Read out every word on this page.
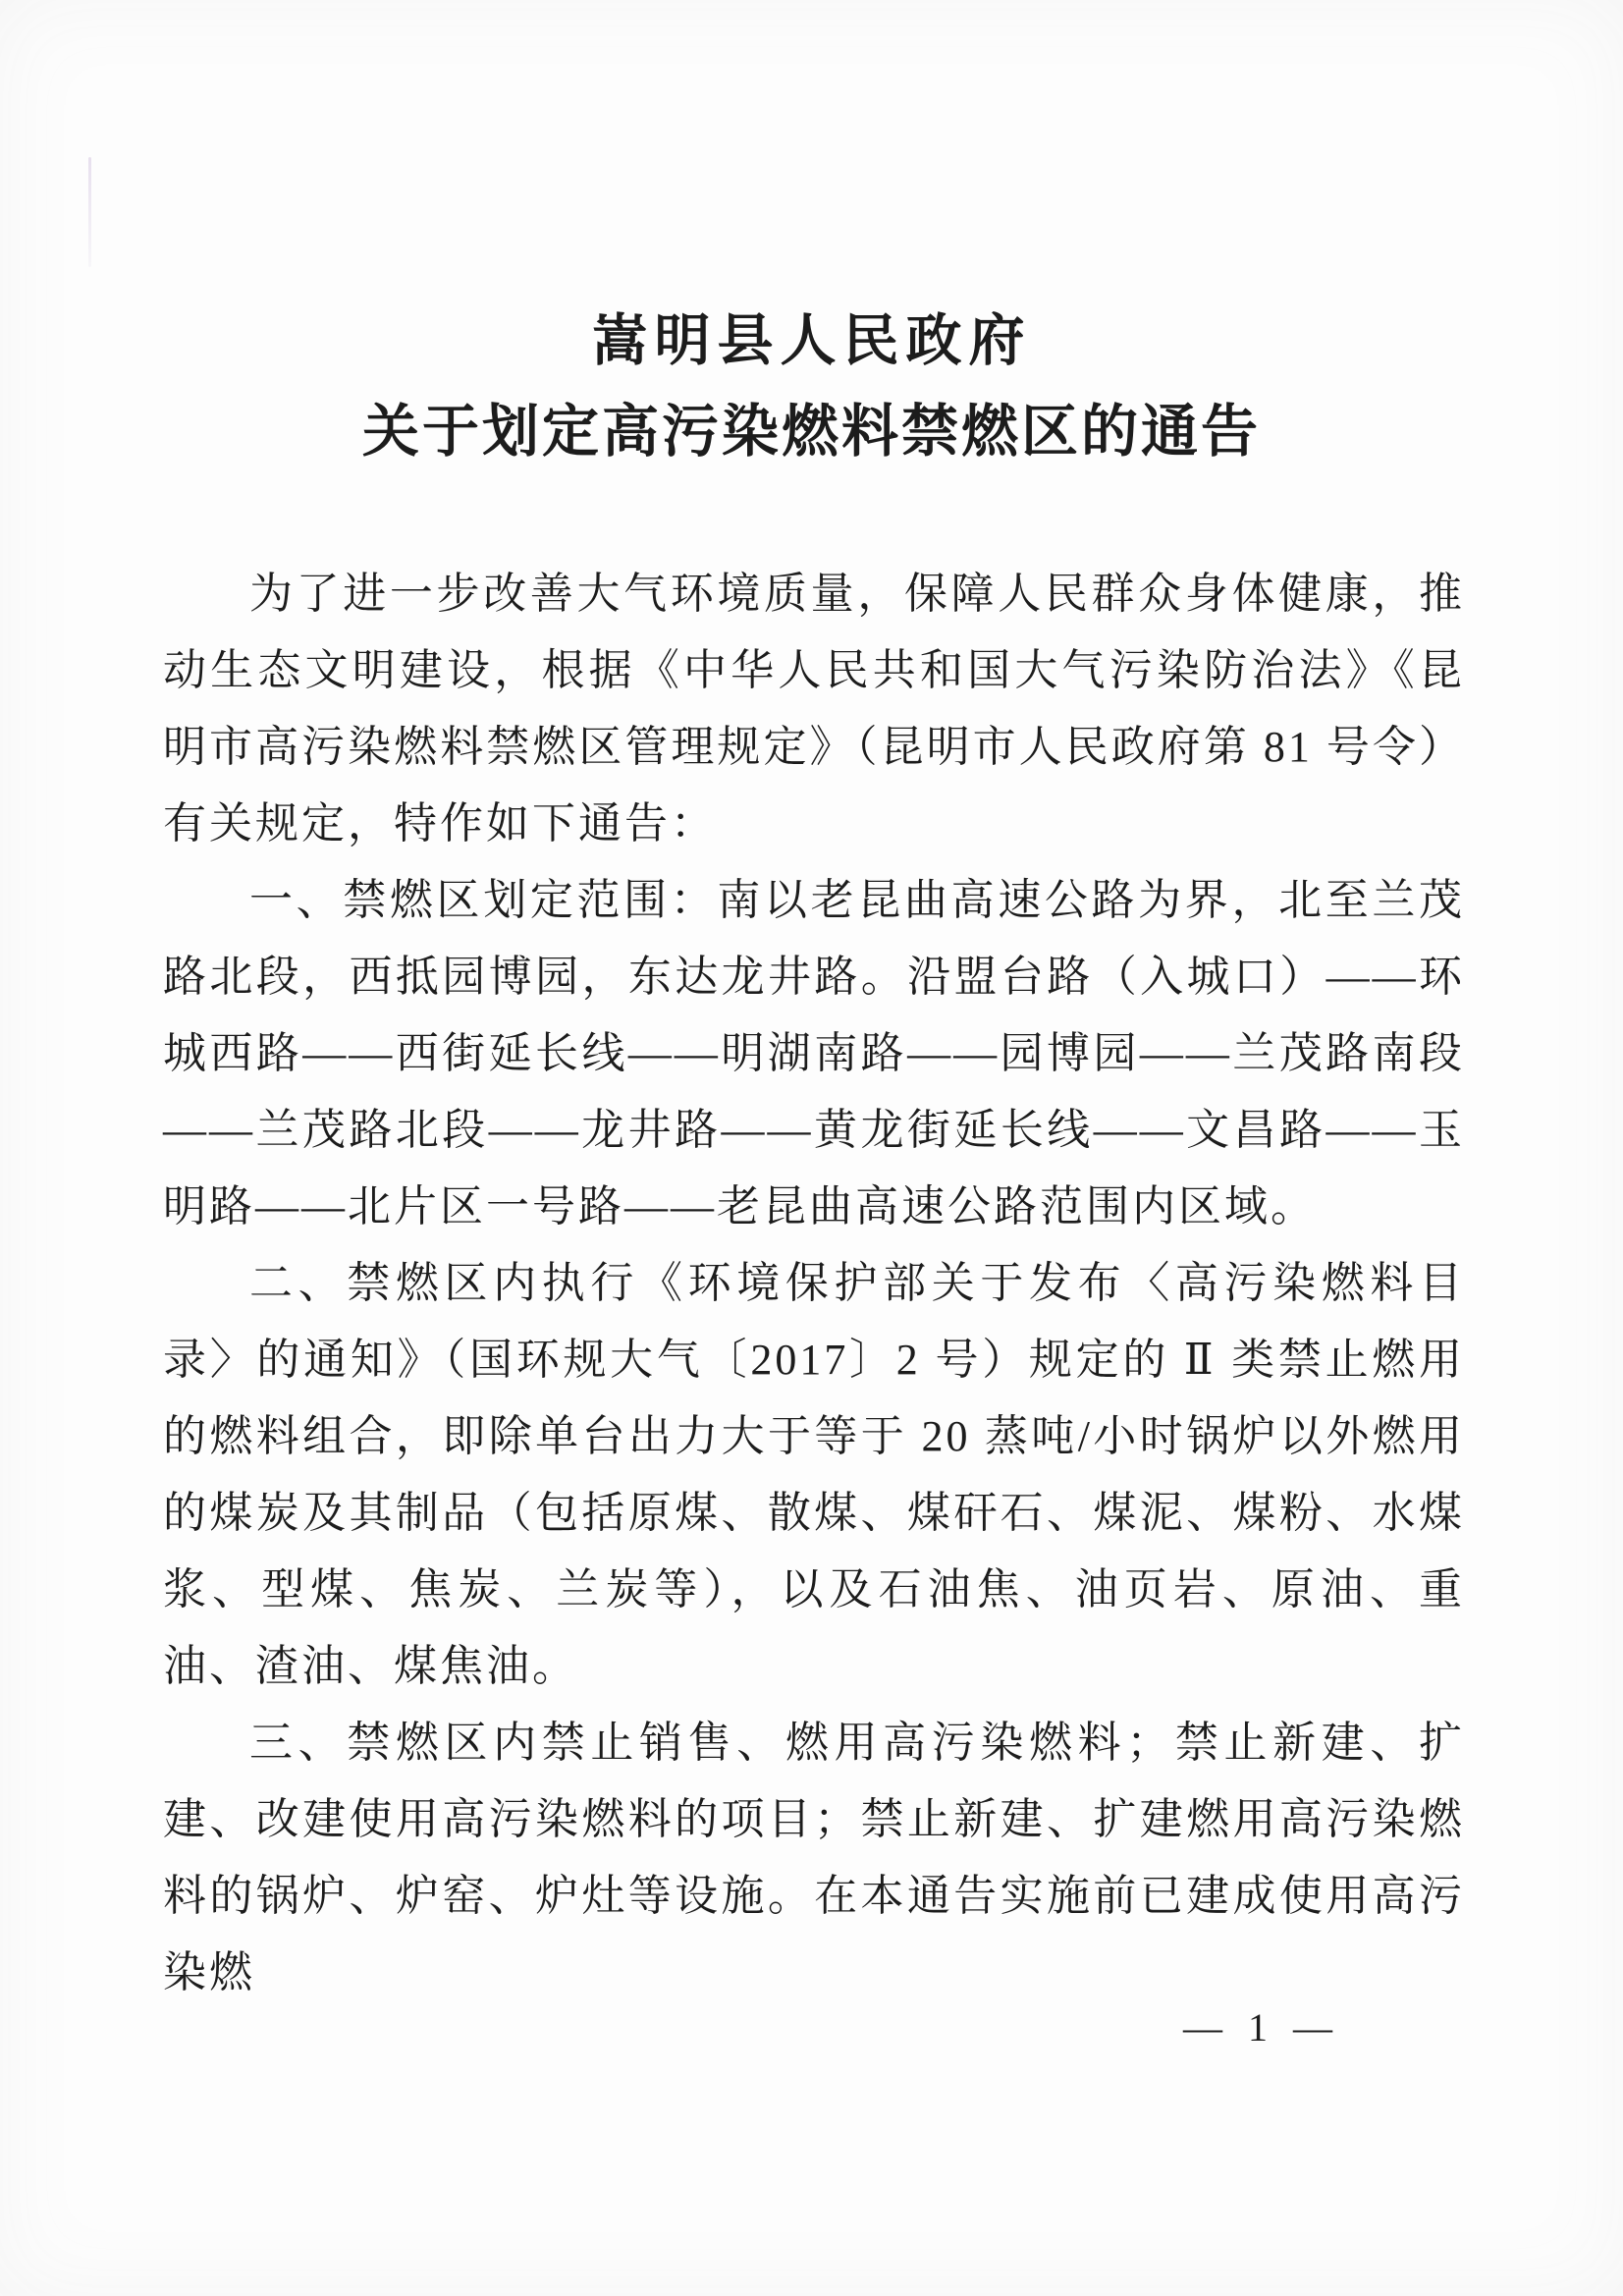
嵩明县人民政府
关于划定高污染燃料禁燃区的通告

为了进一步改善大气环境质量，保障人民群众身体健康，推动生态文明建设，根据《中华人民共和国大气污染防治法》《昆明市高污染燃料禁燃区管理规定》（昆明市人民政府第 81 号令）有关规定，特作如下通告：

一、禁燃区划定范围：南以老昆曲高速公路为界，北至兰茂路北段，西抵园博园，东达龙井路。沿盟台路（入城口）——环城西路——西街延长线——明湖南路——园博园——兰茂路南段——兰茂路北段——龙井路——黄龙街延长线——文昌路——玉明路——北片区一号路——老昆曲高速公路范围内区域。

二、禁燃区内执行《环境保护部关于发布〈高污染燃料目录〉的通知》（国环规大气〔2017〕2 号）规定的 Ⅱ 类禁止燃用的燃料组合，即除单台出力大于等于 20 蒸吨/小时锅炉以外燃用的煤炭及其制品（包括原煤、散煤、煤矸石、煤泥、煤粉、水煤浆、型煤、焦炭、兰炭等），以及石油焦、油页岩、原油、重油、渣油、煤焦油。

三、禁燃区内禁止销售、燃用高污染燃料；禁止新建、扩建、改建使用高污染燃料的项目；禁止新建、扩建燃用高污染燃料的锅炉、炉窑、炉灶等设施。在本通告实施前已建成使用高污染燃

— 1 —
